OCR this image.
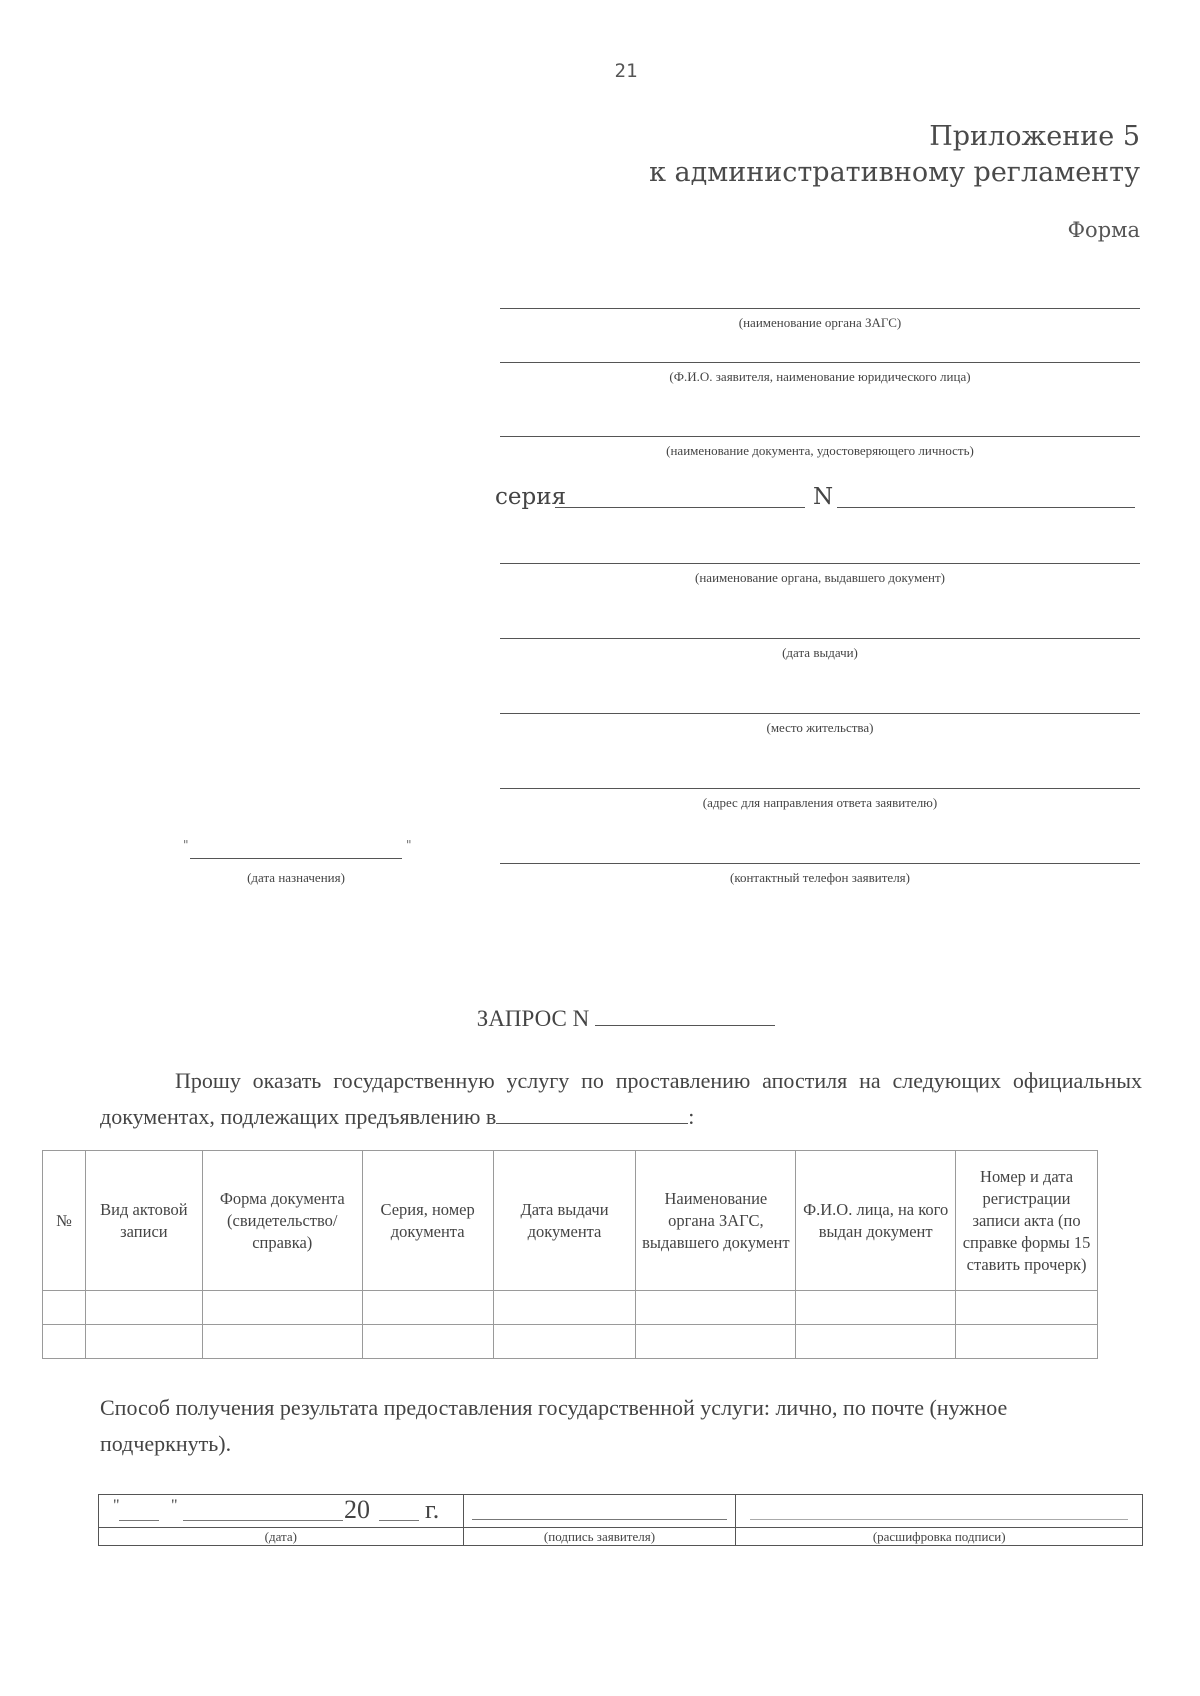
21
Приложение 5
к административному регламенту
Форма
(наименование органа ЗАГС)
(Ф.И.О. заявителя, наименование юридического лица)
(наименование документа, удостоверяющего личность)
серия	N
(наименование органа, выдавшего документ)
(дата выдачи)
(место жительства)
(адрес для направления ответа заявителю)
(контактный телефон заявителя)
"	"
(дата назначения)
ЗАПРОС N
Прошу оказать государственную услугу по проставлению апостиля на следующих официальных документах, подлежащих предъявлению в	:
№	Вид актовой записи	Форма документа (свидетельство/ справка)	Серия, номер документа	Дата выдачи документа	Наименование органа ЗАГС, выдавшего документ	Ф.И.О. лица, на кого выдан документ	Номер и дата регистрации записи акта (по справке формы 15 ставить прочерк)

Способ получения результата предоставления государственной услуги: лично, по почте (нужное подчеркнуть).
" " 20 г.		

(дата)	(подпись заявителя)	(расшифровка подписи)
